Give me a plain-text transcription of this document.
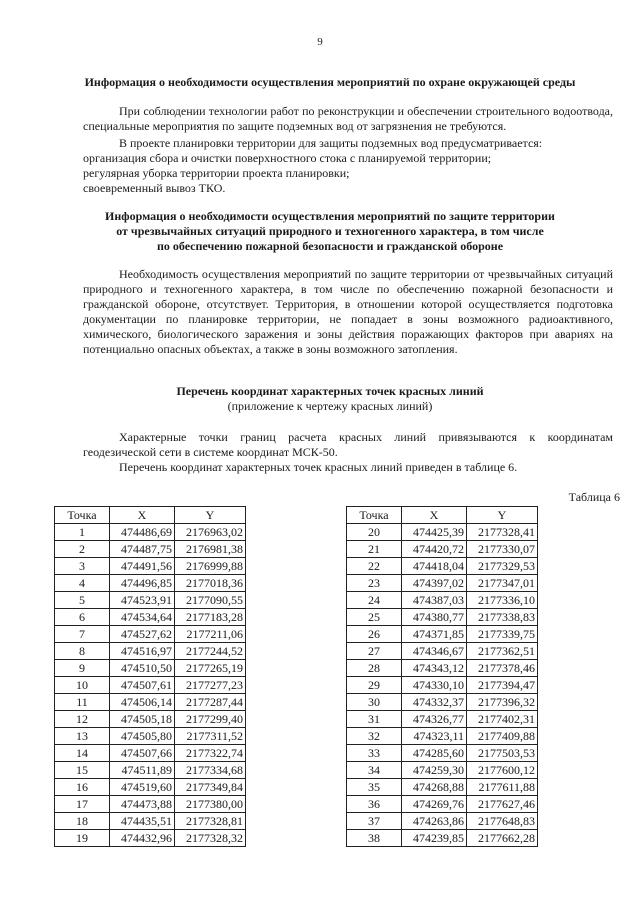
9
Информация о необходимости осуществления мероприятий по охране окружающей среды
При соблюдении технологии работ по реконструкции и обеспечении строительного водоотвода, специальные мероприятия по защите подземных вод от загрязнения не требуются.
В проекте планировки территории для защиты подземных вод предусматривается:
организация сбора и очистки поверхностного стока с планируемой территории;
регулярная уборка территории проекта планировки;
своевременный вывоз ТКО.
Информация о необходимости осуществления мероприятий по защите территории
от чрезвычайных ситуаций природного и техногенного характера, в том числе
по обеспечению пожарной безопасности и гражданской обороне
Необходимость осуществления мероприятий по защите территории от чрезвычайных ситуаций природного и техногенного характера, в том числе по обеспечению пожарной безопасности и гражданской обороне, отсутствует. Территория, в отношении которой осуществляется подготовка документации по планировке территории, не попадает в зоны возможного радиоактивного, химического, биологического заражения и зоны действия поражающих факторов при авариях на потенциально опасных объектах, а также в зоны возможного затопления.
Перечень координат характерных точек красных линий
(приложение к чертежу красных линий)
Характерные точки границ расчета красных линий привязываются к координатам геодезической сети в системе координат МСК-50.
Перечень координат характерных точек красных линий приведен в таблице 6.
Таблица 6
Точка	X	Y
1	474486,69	2176963,02
2	474487,75	2176981,38
3	474491,56	2176999,88
4	474496,85	2177018,36
5	474523,91	2177090,55
6	474534,64	2177183,28
7	474527,62	2177211,06
8	474516,97	2177244,52
9	474510,50	2177265,19
10	474507,61	2177277,23
11	474506,14	2177287,44
12	474505,18	2177299,40
13	474505,80	2177311,52
14	474507,66	2177322,74
15	474511,89	2177334,68
16	474519,60	2177349,84
17	474473,88	2177380,00
18	474435,51	2177328,81
19	474432,96	2177328,32
Точка	X	Y
20	474425,39	2177328,41
21	474420,72	2177330,07
22	474418,04	2177329,53
23	474397,02	2177347,01
24	474387,03	2177336,10
25	474380,77	2177338,83
26	474371,85	2177339,75
27	474346,67	2177362,51
28	474343,12	2177378,46
29	474330,10	2177394,47
30	474332,37	2177396,32
31	474326,77	2177402,31
32	474323,11	2177409,88
33	474285,60	2177503,53
34	474259,30	2177600,12
35	474268,88	2177611,88
36	474269,76	2177627,46
37	474263,86	2177648,83
38	474239,85	2177662,28
